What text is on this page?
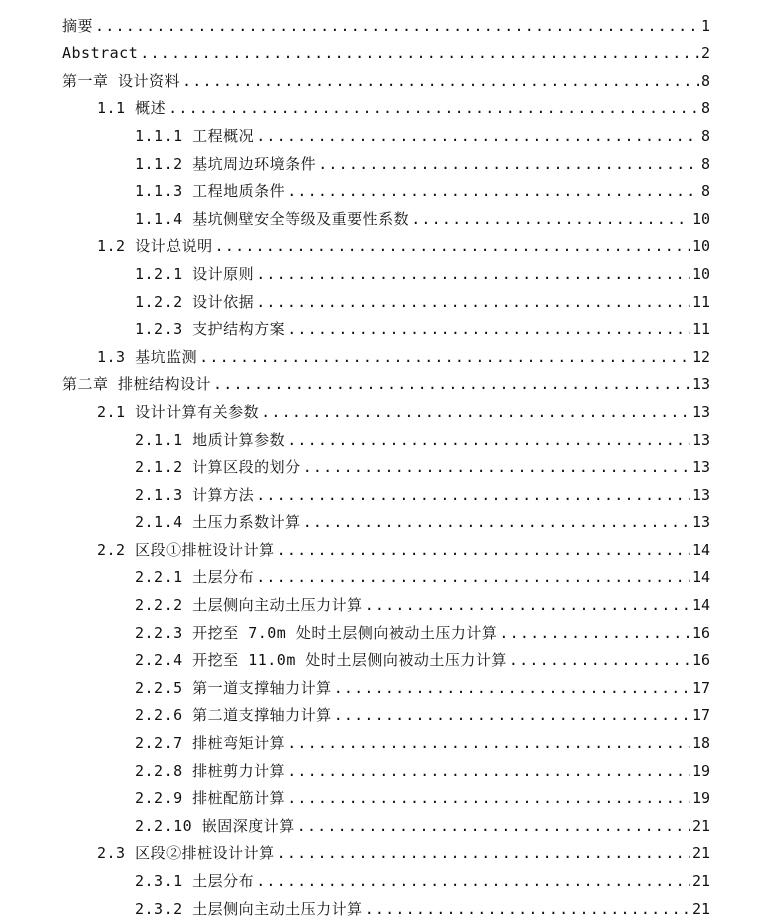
摘要 .....	1
Abstract .....	2
第一章 设计资料 .....	8
1.1 概述 .....	8
1.1.1 工程概况 .....	8
1.1.2 基坑周边环境条件 .....	8
1.1.3 工程地质条件 .....	8
1.1.4 基坑侧壁安全等级及重要性系数 .....	10
1.2 设计总说明 .....	10
1.2.1 设计原则 .....	10
1.2.2 设计依据 .....	11
1.2.3 支护结构方案 .....	11
1.3 基坑监测 .....	12
第二章 排桩结构设计 .....	13
2.1 设计计算有关参数 .....	13
2.1.1 地质计算参数 .....	13
2.1.2 计算区段的划分 .....	13
2.1.3 计算方法 .....	13
2.1.4 土压力系数计算 .....	13
2.2 区段①排桩设计计算 .....	14
2.2.1 土层分布 .....	14
2.2.2 土层侧向主动土压力计算 .....	14
2.2.3 开挖至 7.0m 处时土层侧向被动土压力计算 .....	16
2.2.4 开挖至 11.0m 处时土层侧向被动土压力计算 .....	16
2.2.5 第一道支撑轴力计算 .....	17
2.2.6 第二道支撑轴力计算 .....	17
2.2.7 排桩弯矩计算 .....	18
2.2.8 排桩剪力计算 .....	19
2.2.9 排桩配筋计算 .....	19
2.2.10 嵌固深度计算 .....	21
2.3 区段②排桩设计计算 .....	21
2.3.1 土层分布 .....	21
2.3.2 土层侧向主动土压力计算 .....	21
